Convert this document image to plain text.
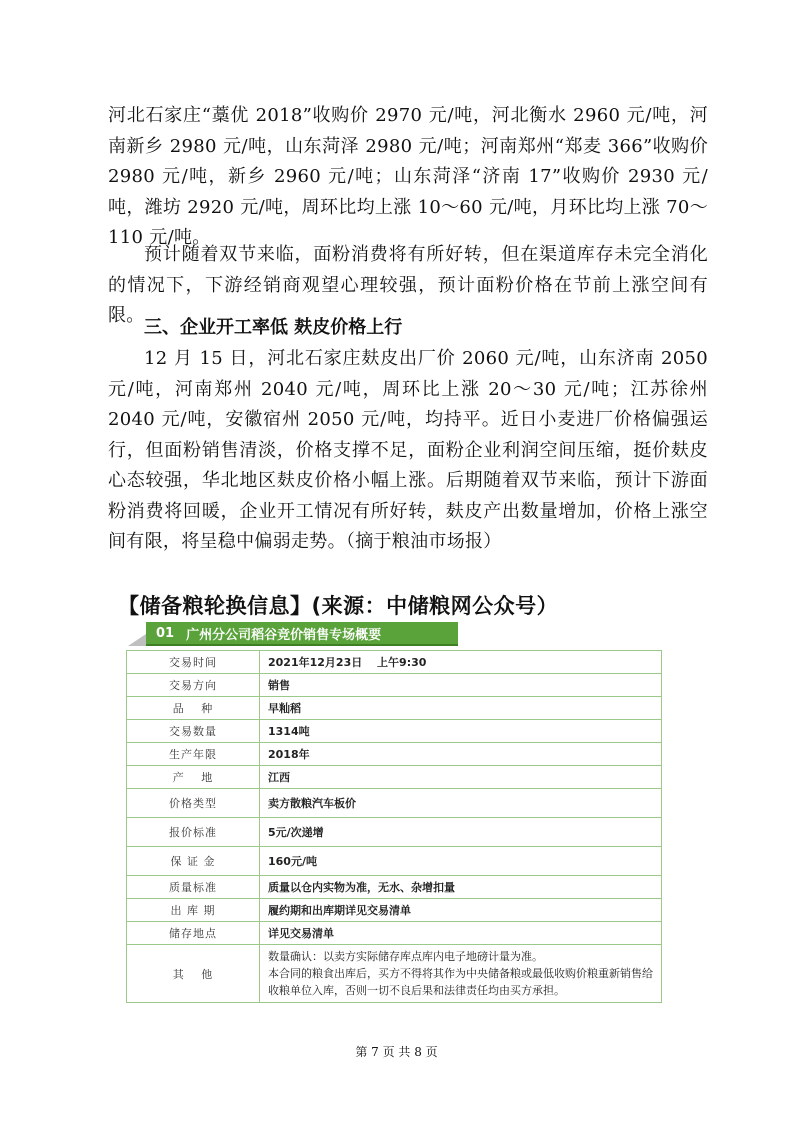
河北石家庄“藁优 2018”收购价 2970 元/吨，河北衡水 2960 元/吨，河南新乡 2980 元/吨，山东菏泽 2980 元/吨；河南郑州“郑麦 366”收购价 2980 元/吨，新乡 2960 元/吨；山东菏泽“济南 17”收购价 2930 元/吨，潍坊 2920 元/吨，周环比均上涨 10～60 元/吨，月环比均上涨 70～110 元/吨。

预计随着双节来临，面粉消费将有所好转，但在渠道库存未完全消化的情况下，下游经销商观望心理较强，预计面粉价格在节前上涨空间有限。

三、企业开工率低 麸皮价格上行

12 月 15 日，河北石家庄麸皮出厂价 2060 元/吨，山东济南 2050 元/吨，河南郑州 2040 元/吨，周环比上涨 20～30 元/吨；江苏徐州 2040 元/吨，安徽宿州 2050 元/吨，均持平。近日小麦进厂价格偏强运行，但面粉销售清淡，价格支撑不足，面粉企业利润空间压缩，挺价麸皮心态较强，华北地区麸皮价格小幅上涨。后期随着双节来临，预计下游面粉消费将回暖，企业开工情况有所好转，麸皮产出数量增加，价格上涨空间有限，将呈稳中偏弱走势。（摘于粮油市场报）

【储备粮轮换信息】(来源：中储粮网公众号）
01 广州分公司稻谷竞价销售专场概要
交易时间	2021年12月23日　 上午9:30
交易方向	销售
品　 种	早籼稻
交易数量	1314吨
生产年限	2018年
产　 地	江西
价格类型	卖方散粮汽车板价
报价标准	5元/次递增
保 证 金	160元/吨
质量标准	质量以仓内实物为准，无水、杂增扣量
出 库 期	履约期和出库期详见交易清单
储存地点	详见交易清单
其　 他	数量确认：以卖方实际储存库点库内电子地磅计量为准。
本合同的粮食出库后，买方不得将其作为中央储备粮或最低收购价粮重新销售给收粮单位入库，否则一切不良后果和法律责任均由买方承担。
第 7 页 共 8 页
